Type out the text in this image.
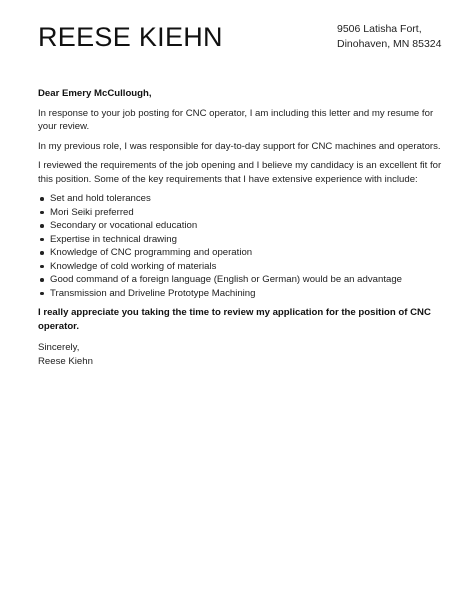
REESE KIEHN	9506 Latisha Fort,
Dinohaven, MN 85324

Dear Emery McCullough,

In response to your job posting for CNC operator, I am including this letter and my resume for your review.

In my previous role, I was responsible for day-to-day support for CNC machines and operators.

I reviewed the requirements of the job opening and I believe my candidacy is an excellent fit for this position. Some of the key requirements that I have extensive experience with include:

Set and hold tolerances
Mori Seiki preferred
Secondary or vocational education
Expertise in technical drawing
Knowledge of CNC programming and operation
Knowledge of cold working of materials
Good command of a foreign language (English or German) would be an advantage
Transmission and Driveline Prototype Machining

I really appreciate you taking the time to review my application for the position of CNC operator.

Sincerely,

Reese Kiehn
